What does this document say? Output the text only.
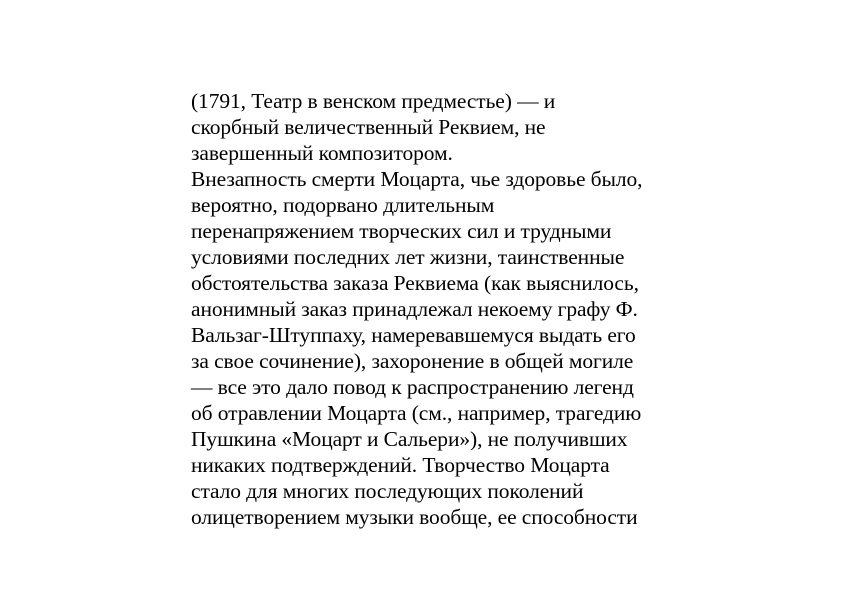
(1791, Театр в венском предместье) — и
скорбный величественный Реквием, не
завершенный композитором.
Внезапность смерти Моцарта, чье здоровье было,
вероятно, подорвано длительным
перенапряжением творческих сил и трудными
условиями последних лет жизни, таинственные
обстоятельства заказа Реквиема (как выяснилось,
анонимный заказ принадлежал некоему графу Ф.
Вальзаг-Штуппаху, намеревавшемуся выдать его
за свое сочинение), захоронение в общей могиле
— все это дало повод к распространению легенд
об отравлении Моцарта (см., например, трагедию
Пушкина «Моцарт и Сальери»), не получивших
никаких подтверждений. Творчество Моцарта
стало для многих последующих поколений
олицетворением музыки вообще, ее способности
